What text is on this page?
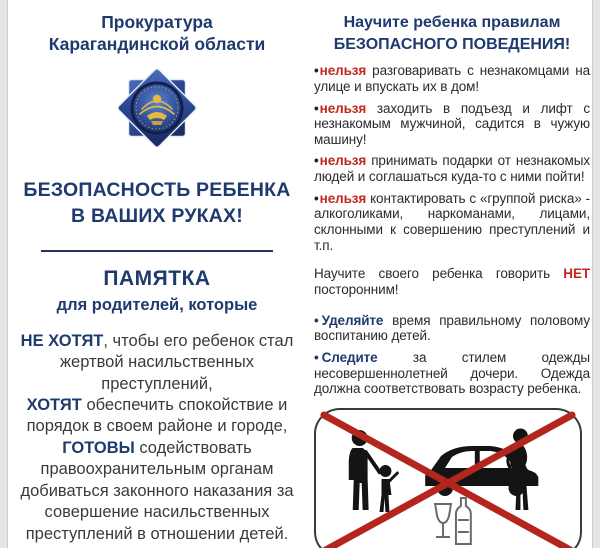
Прокуратура
Карагандинской области
БЕЗОПАСНОСТЬ РЕБЕНКА
В ВАШИХ РУКАХ!
ПАМЯТКА
для родителей, которые
НЕ ХОТЯТ, чтобы его ребенок стал жертвой насильственных преступлений,
ХОТЯТ обеспечить спокойствие и порядок в своем районе и городе,
ГОТОВЫ содействовать правоохранительным органам добиваться законного наказания за совершение насильственных преступлений в отношении детей.
Научите ребенка правилам
БЕЗОПАСНОГО ПОВЕДЕНИЯ!

•нельзя разговаривать с незнакомцами на улице и впускать их в дом!

•нельзя заходить в подъезд и лифт с незнакомым мужчиной, садится в чужую машину!

•нельзя принимать подарки от незнакомых людей и соглашаться куда-то с ними пойти!

•нельзя контактировать с «группой риска» - алкоголиками, наркоманами, лицами, склонными к совершению преступлений и т.п.

Научите своего ребенка говорить НЕТ посторонним!

• Уделяйте время правильному половому воспитанию детей.

• Следите за стилем одежды несовершеннолетней дочери. Одежда должна соответствовать возрасту ребенка.
